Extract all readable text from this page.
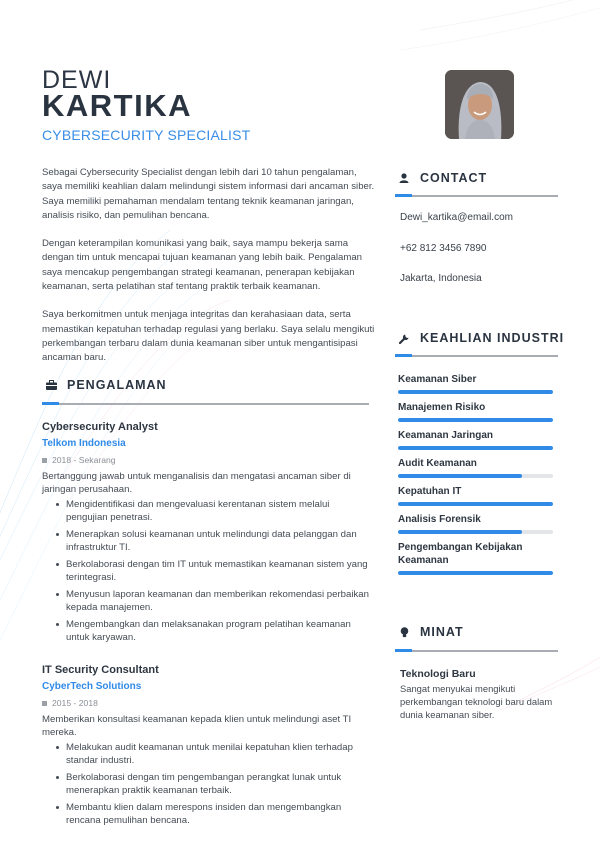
DEWI
KARTIKA
CYBERSECURITY SPECIALIST

Sebagai Cybersecurity Specialist dengan lebih dari 10 tahun pengalaman, saya memiliki keahlian dalam melindungi sistem informasi dari ancaman siber. Saya memiliki pemahaman mendalam tentang teknik keamanan jaringan, analisis risiko, dan pemulihan bencana.

Dengan keterampilan komunikasi yang baik, saya mampu bekerja sama dengan tim untuk mencapai tujuan keamanan yang lebih baik. Pengalaman saya mencakup pengembangan strategi keamanan, penerapan kebijakan keamanan, serta pelatihan staf tentang praktik terbaik keamanan.

Saya berkomitmen untuk menjaga integritas dan kerahasiaan data, serta memastikan kepatuhan terhadap regulasi yang berlaku. Saya selalu mengikuti perkembangan terbaru dalam dunia keamanan siber untuk mengantisipasi ancaman baru.

PENGALAMAN
Cybersecurity Analyst
Telkom Indonesia
2018 - Sekarang
Bertanggung jawab untuk menganalisis dan mengatasi ancaman siber di jaringan perusahaan.
Mengidentifikasi dan mengevaluasi kerentanan sistem melalui pengujian penetrasi.
Menerapkan solusi keamanan untuk melindungi data pelanggan dan infrastruktur TI.
Berkolaborasi dengan tim IT untuk memastikan keamanan sistem yang terintegrasi.
Menyusun laporan keamanan dan memberikan rekomendasi perbaikan kepada manajemen.
Mengembangkan dan melaksanakan program pelatihan keamanan untuk karyawan.
IT Security Consultant
CyberTech Solutions
2015 - 2018
Memberikan konsultasi keamanan kepada klien untuk melindungi aset TI mereka.
Melakukan audit keamanan untuk menilai kepatuhan klien terhadap standar industri.
Berkolaborasi dengan tim pengembangan perangkat lunak untuk menerapkan praktik keamanan terbaik.
Membantu klien dalam merespons insiden dan mengembangkan rencana pemulihan bencana.
CONTACT
Dewi_kartika@email.com
+62 812 3456 7890
Jakarta, Indonesia
KEAHLIAN INDUSTRI
Keamanan Siber
Manajemen Risiko
Keamanan Jaringan
Audit Keamanan
Kepatuhan IT
Analisis Forensik
Pengembangan Kebijakan Keamanan
MINAT
Teknologi Baru
Sangat menyukai mengikuti perkembangan teknologi baru dalam dunia keamanan siber.
